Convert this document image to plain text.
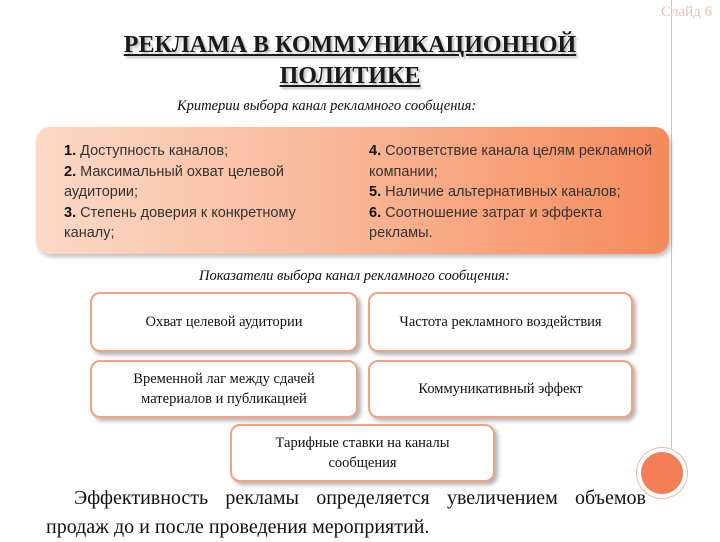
Слайд 6
РЕКЛАМА В КОММУНИКАЦИОННОЙ
ПОЛИТИКЕ
Критерии выбора канал рекламного сообщения:
1. Доступность каналов;
2. Максимальный охват целевой аудитории;
3. Степень доверия к конкретному каналу;
4. Соответствие канала целям рекламной компании;
5. Наличие альтернативных каналов;
6. Соотношение затрат и эффекта рекламы.
Показатели выбора канал рекламного сообщения:
Охват целевой аудитории	Частота рекламного воздействия
Временной лаг между сдачей материалов и публикацией
Коммуникативный эффект
Тарифные ставки на каналы сообщения
Эффективность рекламы определяется увеличением объемов продаж до и после проведения мероприятий.
